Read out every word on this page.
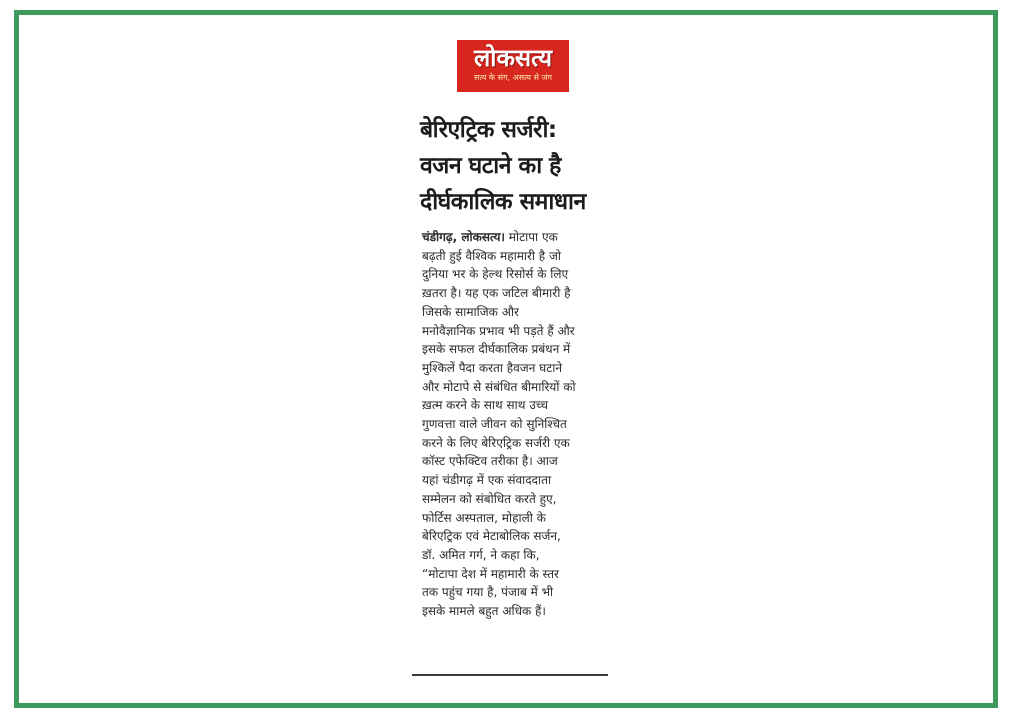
लोकसत्य
सत्य के संग, असत्य से जंग
बेरिएट्रिक सर्जरी:
वजन घटाने का है
दीर्घकालिक समाधान
चंडीगढ़, लोकसत्य। मोटापा एक
बढ़ती हुई वैश्विक महामारी है जो
दुनिया भर के हेल्थ रिसोर्स के लिए
ख़तरा है। यह एक जटिल बीमारी है
जिसके सामाजिक और
मनोवैज्ञानिक प्रभाव भी पड़ते हैं और
इसके सफल दीर्घकालिक प्रबंधन में
मुश्किलें पैदा करता हैवजन घटाने
और मोटापे से संबंधित बीमारियों को
ख़त्म करने के साथ साथ उच्च
गुणवत्ता वाले जीवन को सुनिश्चित
करने के लिए बेरिएट्रिक सर्जरी एक
कॉस्ट एफेक्टिव तरीका है। आज
यहां चंडीगढ़ में एक संवाददाता
सम्मेलन को संबोधित करते हुए,
फोर्टिस अस्पताल, मोहाली के
बेरिएट्रिक एवं मेटाबोलिक सर्जन,
डॉ. अमित गर्ग, ने कहा कि,
“मोटापा देश में महामारी के स्तर
तक पहुंच गया है, पंजाब में भी
इसके मामले बहुत अधिक हैं।
